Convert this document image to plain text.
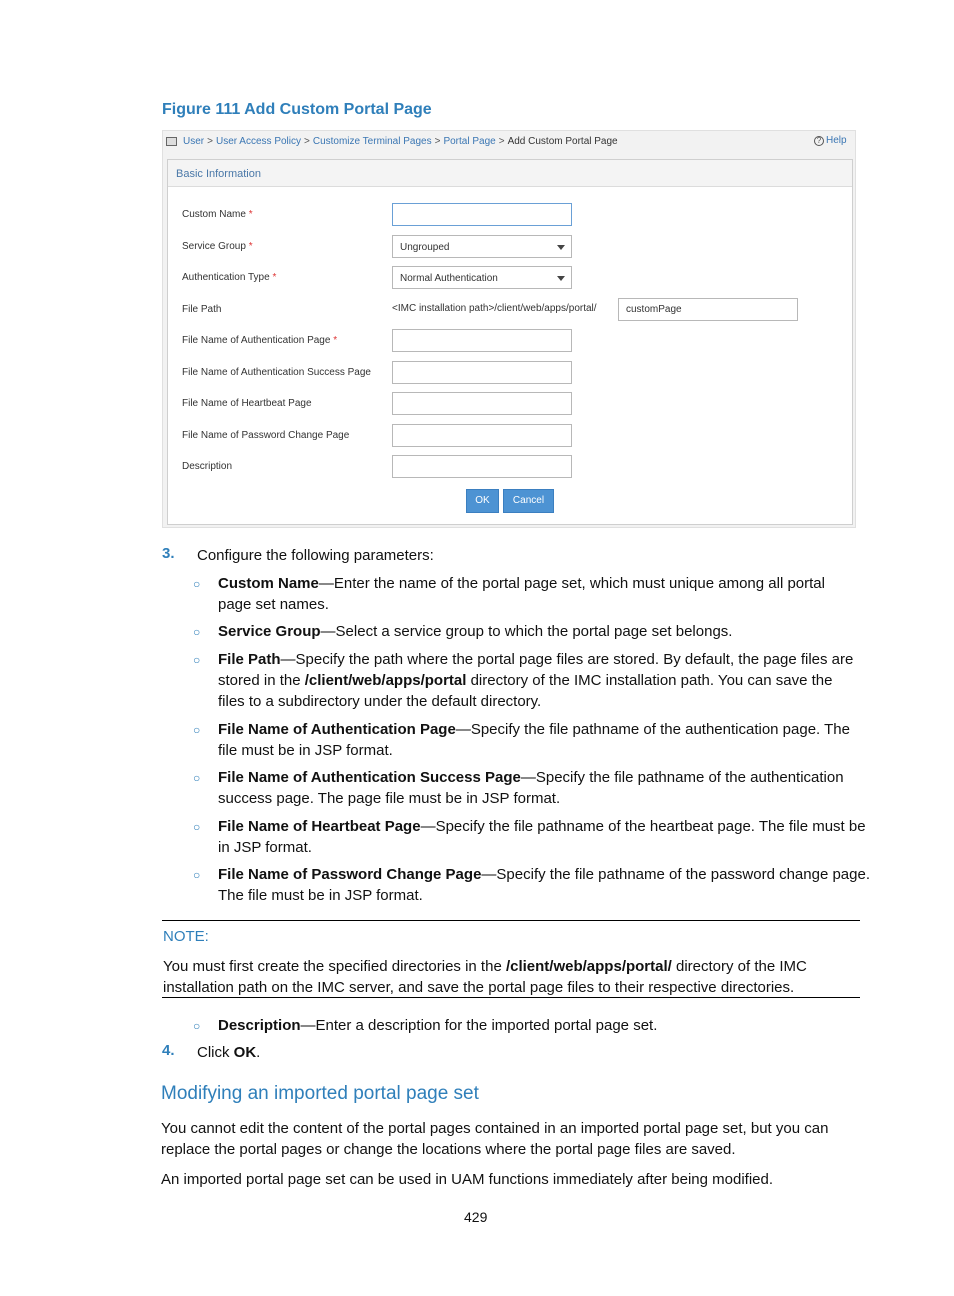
Figure 111 Add Custom Portal Page
User > User Access Policy > Customize Terminal Pages > Portal Page > Add Custom Portal Page	? Help
Basic Information
Custom Name *
Service Group *	Ungrouped
Authentication Type *	Normal Authentication
File Path	<IMC installation path>/client/web/apps/portal/	customPage
File Name of Authentication Page *
File Name of Authentication Success Page
File Name of Heartbeat Page
File Name of Password Change Page
Description
OK	Cancel
3. Configure the following parameters:
○ Custom Name—Enter the name of the portal page set, which must unique among all portal
page set names.
○ Service Group—Select a service group to which the portal page set belongs.
○ File Path—Specify the path where the portal page files are stored. By default, the page files are
stored in the /client/web/apps/portal directory of the IMC installation path. You can save the
files to a subdirectory under the default directory.
○ File Name of Authentication Page—Specify the file pathname of the authentication page. The
file must be in JSP format.
○ File Name of Authentication Success Page—Specify the file pathname of the authentication
success page. The page file must be in JSP format.
○ File Name of Heartbeat Page—Specify the file pathname of the heartbeat page. The file must be
in JSP format.
○ File Name of Password Change Page—Specify the file pathname of the password change page.
The file must be in JSP format.
NOTE:
You must first create the specified directories in the /client/web/apps/portal/ directory of the IMC
installation path on the IMC server, and save the portal page files to their respective directories.
○ Description—Enter a description for the imported portal page set.
4. Click OK.
Modifying an imported portal page set
You cannot edit the content of the portal pages contained in an imported portal page set, but you can
replace the portal pages or change the locations where the portal page files are saved.
An imported portal page set can be used in UAM functions immediately after being modified.
429
